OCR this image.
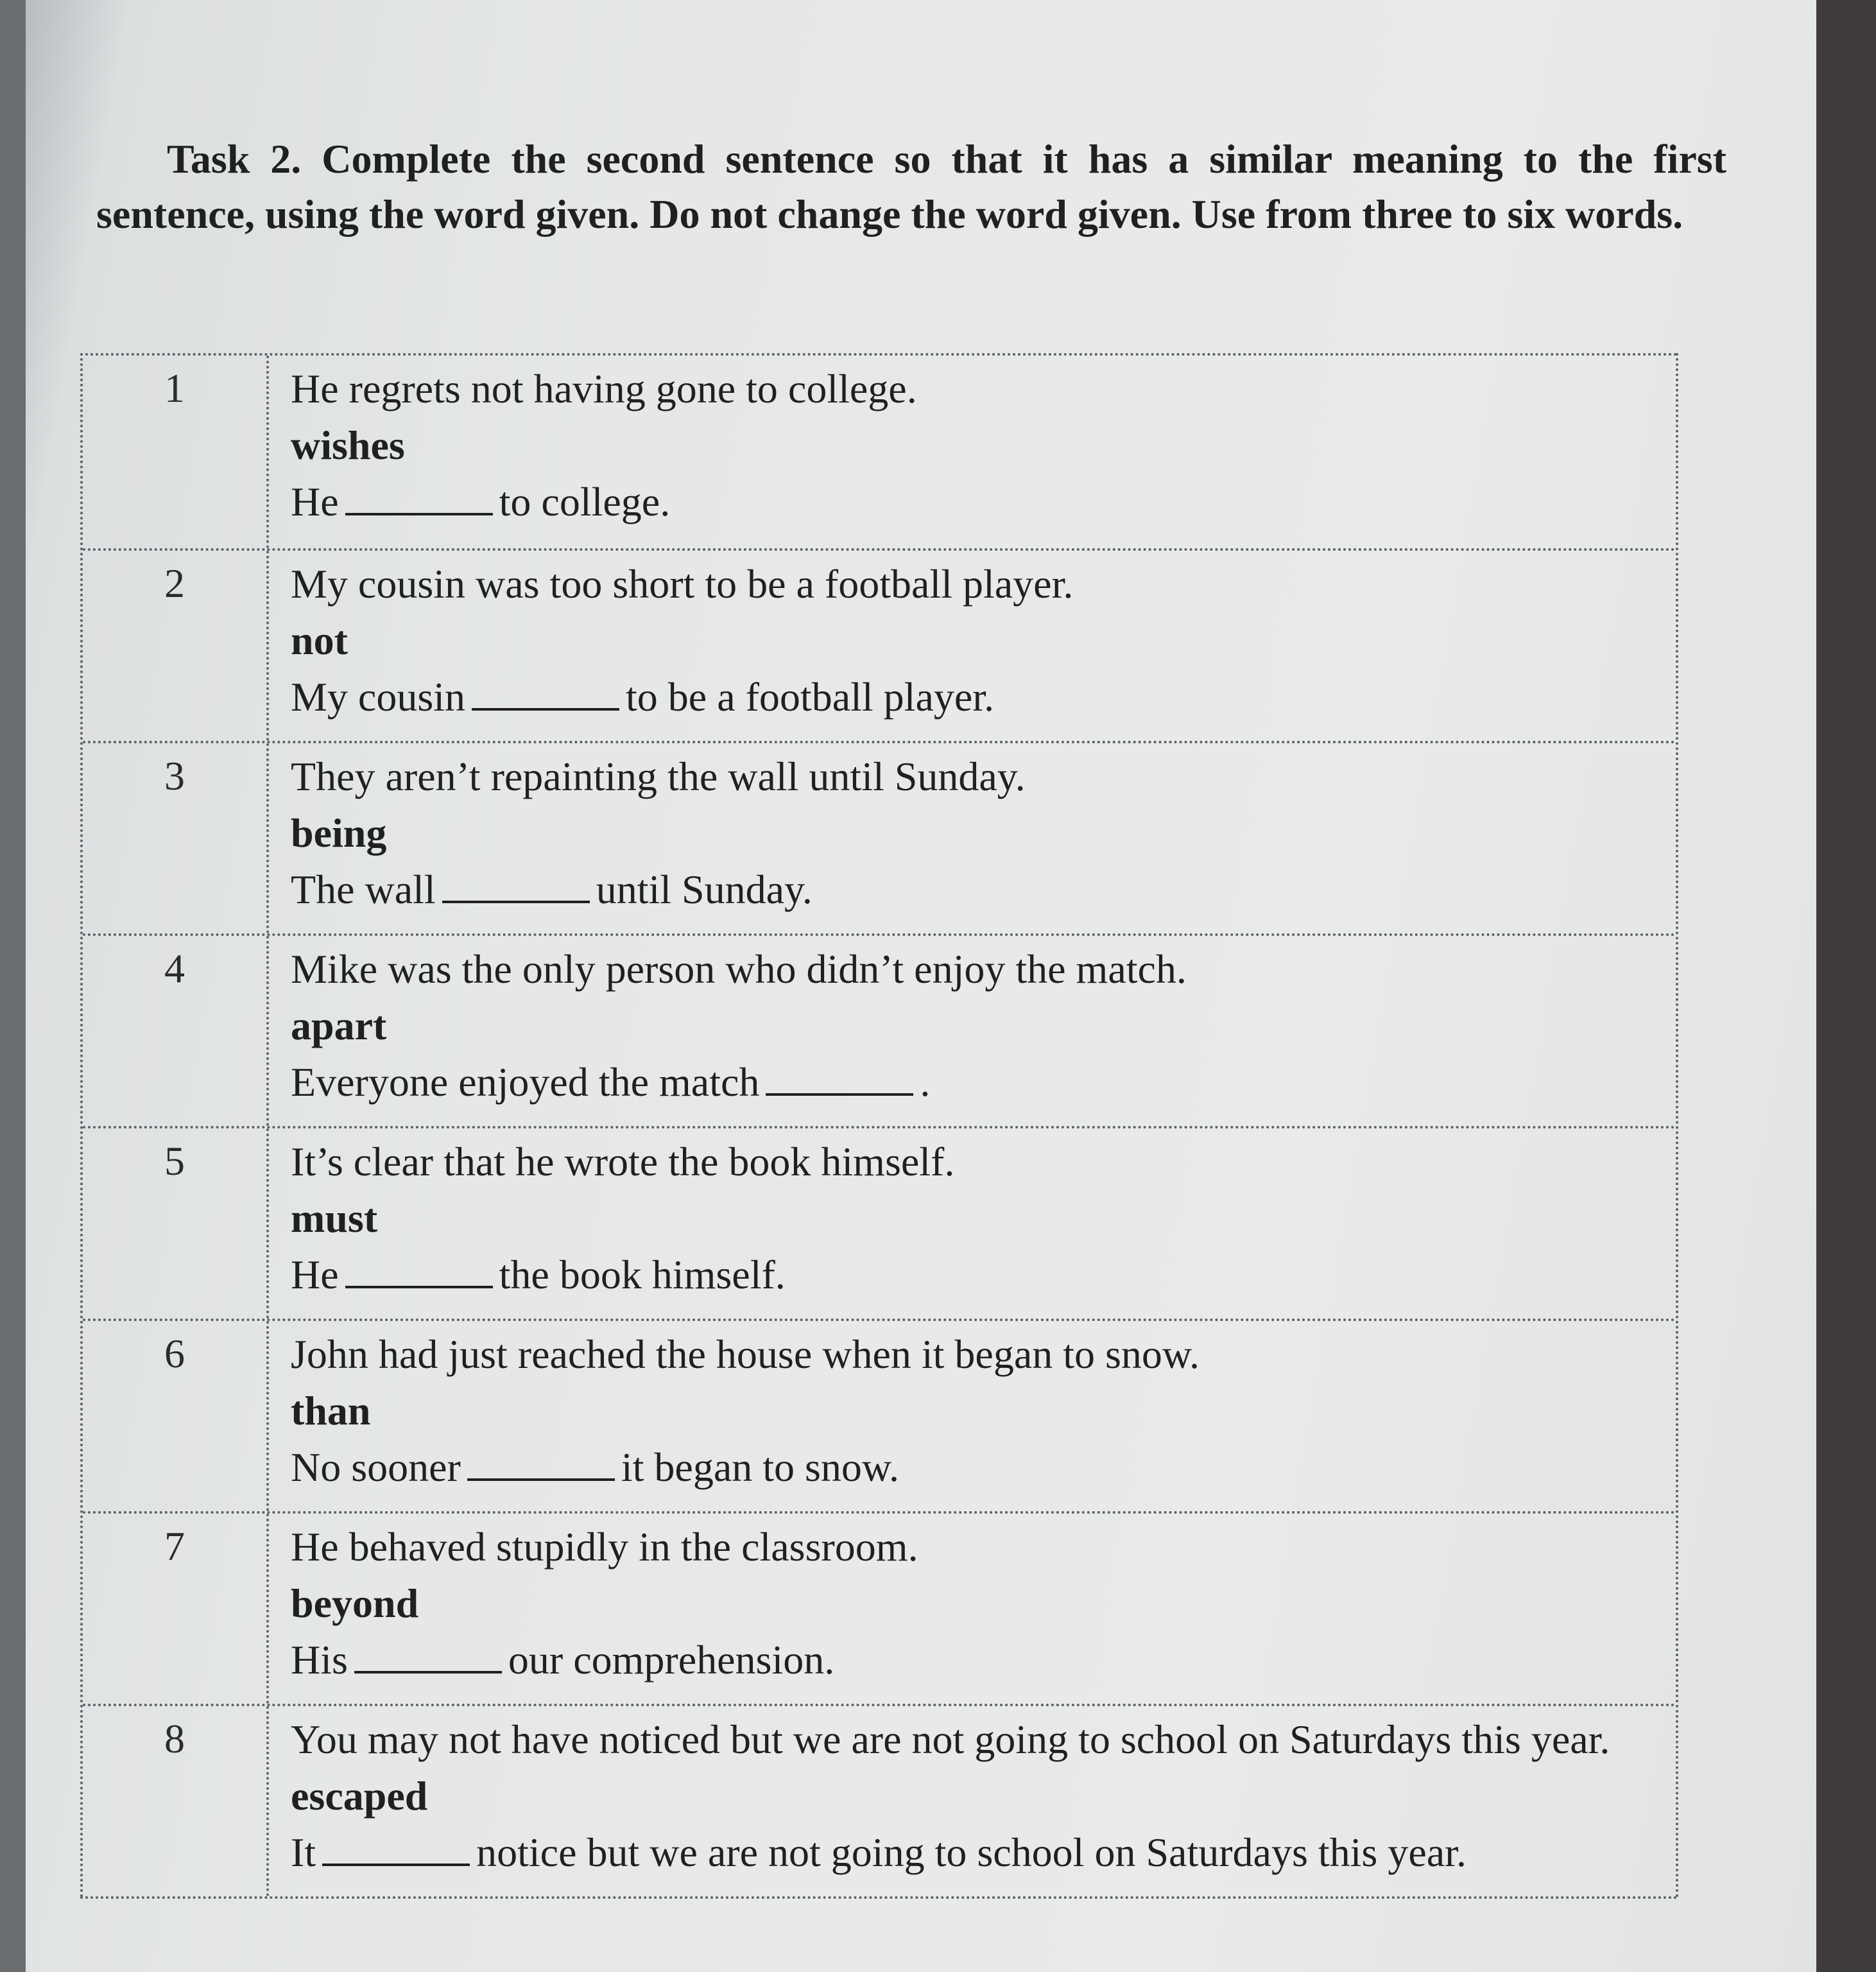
Task 2. Complete the second sentence so that it has a similar meaning to the first sentence, using the word given. Do not change the word given. Use from three to six words.
1	He regrets not having gone to college.
wishes
He	to college.
2	My cousin was too short to be a football player.
not
My cousin	to be a football player.
3	They aren’t repainting the wall until Sunday.
being
The wall	until Sunday.
4	Mike was the only person who didn’t enjoy the match.
apart
Everyone enjoyed the match	.
5	It’s clear that he wrote the book himself.
must
He	the book himself.
6	John had just reached the house when it began to snow.
than
No sooner	it began to snow.
7	He behaved stupidly in the classroom.
beyond
His	our comprehension.
8	You may not have noticed but we are not going to school on Saturdays this year.
escaped
It	notice but we are not going to school on Saturdays this year.
